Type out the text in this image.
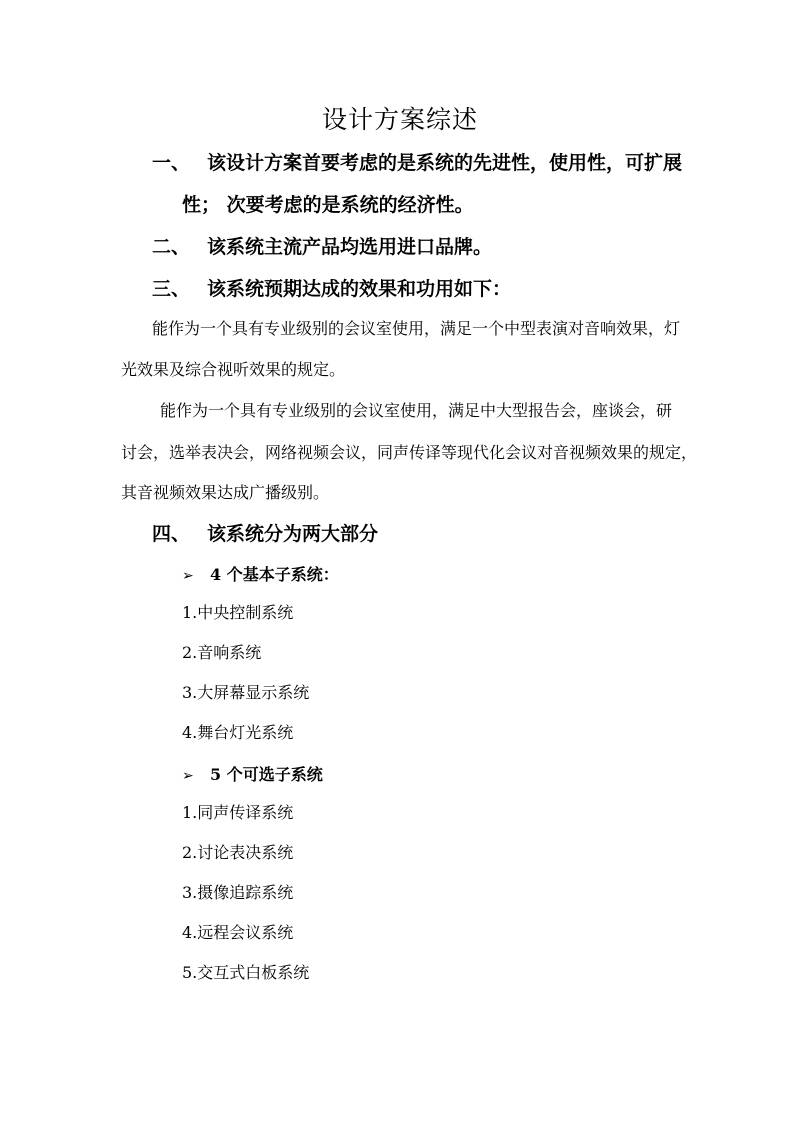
设计方案综述
一、 该设计方案首要考虑的是系统的先进性，使用性，可扩展
性； 次要考虑的是系统的经济性。
二、 该系统主流产品均选用进口品牌。
三、 该系统预期达成的效果和功用如下：
能作为一个具有专业级别的会议室使用，满足一个中型表演对音响效果，灯
光效果及综合视听效果的规定。
能作为一个具有专业级别的会议室使用，满足中大型报告会，座谈会，研
讨会，选举表决会，网络视频会议，同声传译等现代化会议对音视频效果的规定，
其音视频效果达成广播级别。
四、 该系统分为两大部分
➢ 4 个基本子系统：
1.中央控制系统
2.音响系统
3.大屏幕显示系统
4.舞台灯光系统
➢ 5 个可选子系统
1.同声传译系统
2.讨论表决系统
3.摄像追踪系统
4.远程会议系统
5.交互式白板系统
